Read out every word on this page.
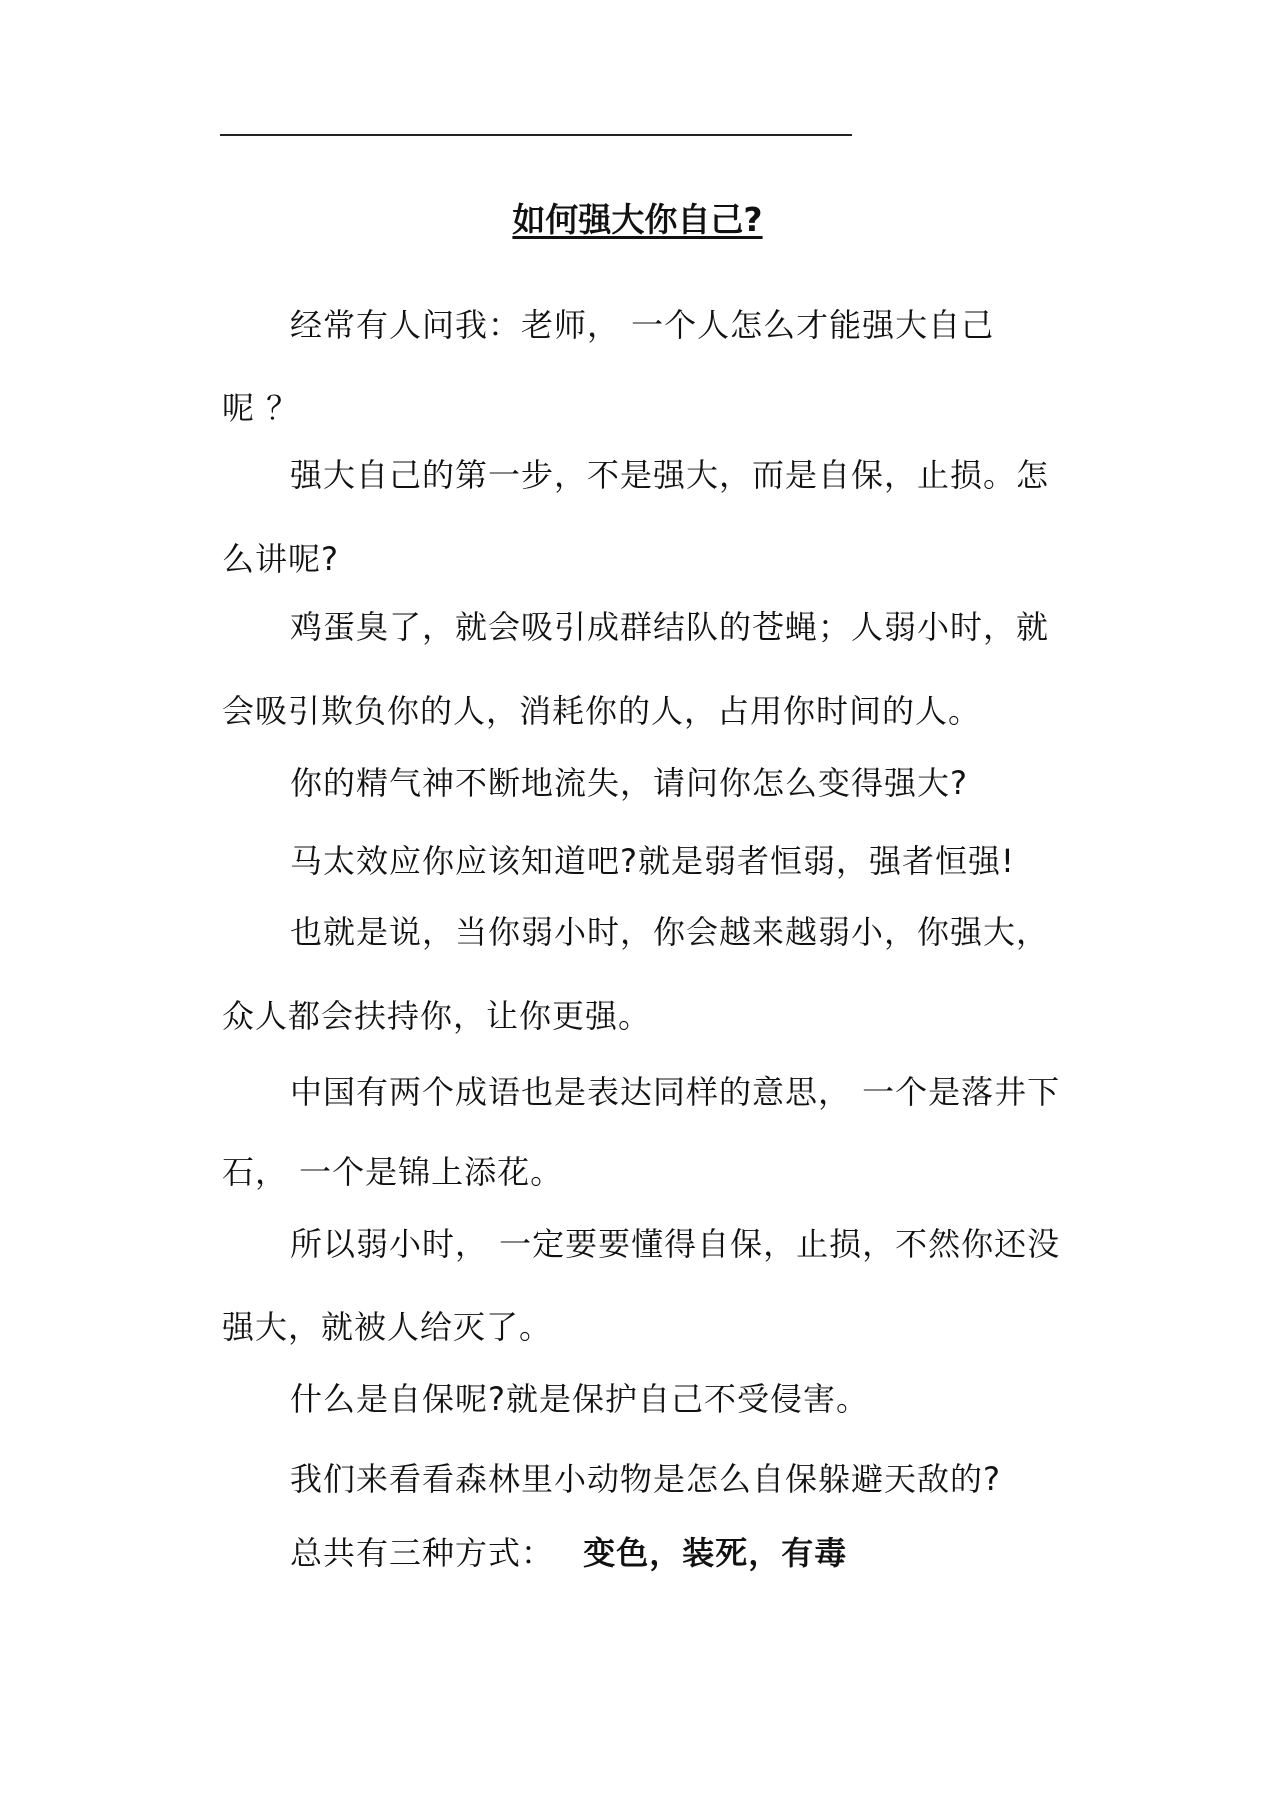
如何强大你自己?
经常有人问我：老师， 一个人怎么才能强大自己
呢 ？
强大自己的第一步，不是强大，而是自保，止损。怎
么讲呢?
鸡蛋臭了，就会吸引成群结队的苍蝇；人弱小时，就
会吸引欺负你的人，消耗你的人，占用你时间的人。
你的精气神不断地流失，请问你怎么变得强大?
马太效应你应该知道吧?就是弱者恒弱，强者恒强!
也就是说，当你弱小时，你会越来越弱小，你强大，
众人都会扶持你，让你更强。
中国有两个成语也是表达同样的意思， 一个是落井下
石， 一个是锦上添花。
所以弱小时， 一定要要懂得自保，止损，不然你还没
强大，就被人给灭了。
什么是自保呢?就是保护自己不受侵害。
我们来看看森林里小动物是怎么自保躲避天敌的?
总共有三种方式： 变色，装死，有毒
